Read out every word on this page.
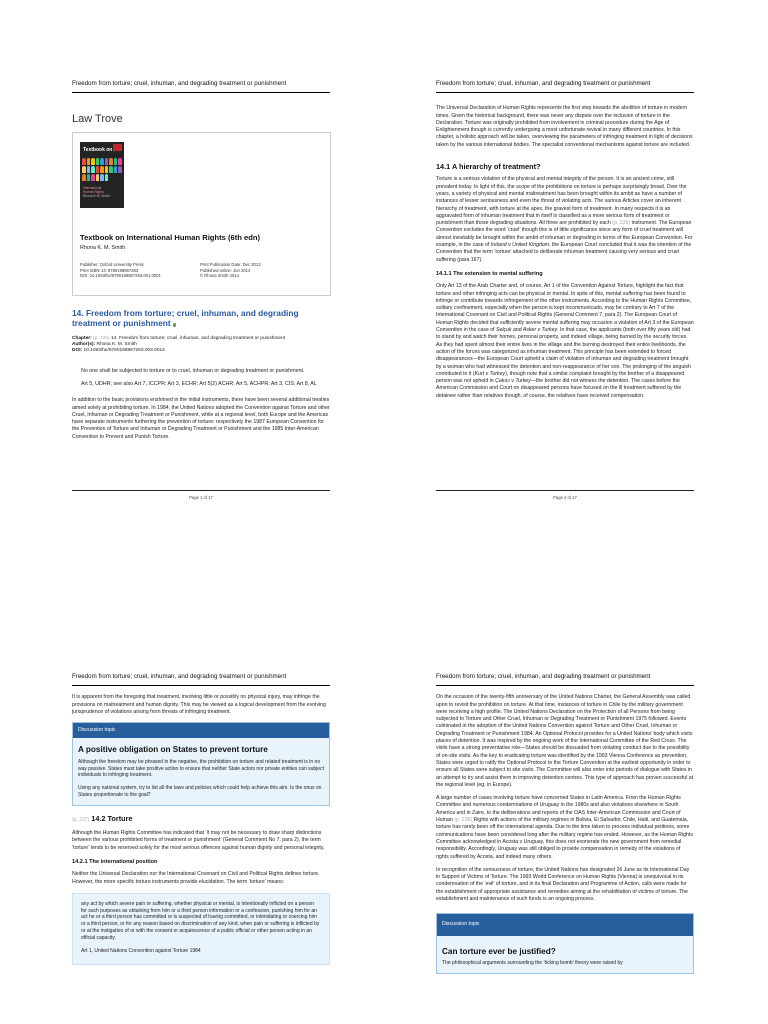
Freedom from torture; cruel, inhuman, and degrading treatment or punishment
Law Trove
Textbook on
International
Human Rights
Rhona K.M. Smith
Textbook on International Human Rights (6th edn)
Rhona K. M. Smith
Publisher: Oxford University Press
Print ISBN-13: 9780198867283
DOI: 10.1093/he/9780198867283.001.0001
Print Publication Date: Dec 2013
Published online: Jun 2014
© Rhona Smith 2014
14. Freedom from torture; cruel, inhuman, and degrading treatment or punishment
Chapter: (p. 235) 14. Freedom from torture; cruel, inhuman, and degrading treatment or punishment
Author(s): Rhona K. M. Smith
DOI: 10.1093/he/9780198867283.003.0014

No one shall be subjected to torture or to cruel, inhuman or degrading treatment or punishment.

Art 5, UDHR; see also Art 7, ICCPR; Art 3, ECHR; Art 5(2) ACHR; Art 5, ACHPR; Art 3, CIS; Art 8, AL

In addition to the basic provisions enshrined in the initial instruments, there have been several additional treaties aimed solely at prohibiting torture. In 1984, the United Nations adopted the Convention against Torture and other Cruel, Inhuman or Degrading Treatment or Punishment, while at a regional level, both Europe and the Americas have separate instruments furthering the prevention of torture: respectively the 1987 European Convention for the Prevention of Torture and Inhuman or Degrading Treatment or Punishment and the 1985 Inter-American Convention to Prevent and Punish Torture.

Page 1 of 17
Freedom from torture; cruel, inhuman, and degrading treatment or punishment

The Universal Declaration of Human Rights represents the first step towards the abolition of torture in modern times. Given the historical background, there was never any dispute over the inclusion of torture in the Declaration. Torture was originally prohibited from involvement in criminal procedure during the Age of Enlightenment though is currently undergoing a most unfortunate revival in many different countries. In this chapter, a holistic approach will be taken, overviewing the parameters of infringing treatment in light of decisions taken by the various international bodies. The specialist conventional mechanisms against torture are included.

14.1 A hierarchy of treatment?

Torture is a serious violation of the physical and mental integrity of the person. It is an ancient crime, still prevalent today. In light of this, the scope of the prohibitions on torture is perhaps surprisingly broad. Over the years, a variety of physical and mental maltreatment has been brought within its ambit as have a number of instances of lesser seriousness and even the threat of violating acts. The various Articles cover an inherent hierarchy of treatment, with torture at the apex, the gravest form of treatment. In many respects it is an aggravated form of inhuman treatment that in itself is classified as a more serious form of treatment or punishment than those degrading situations. All three are prohibited by each (p. 236) instrument. The European Convention excludes the word ‘cruel’ though this is of little significance since any form of cruel treatment will almost inevitably be brought within the ambit of inhuman or degrading in terms of the European Convention. For example, in the case of Ireland v United Kingdom, the European Court concluded that it was the intention of the Convention that the term ‘torture’ attached to deliberate inhuman treatment causing very serious and cruel suffering (para 167).

14.1.1 The extension to mental suffering

Only Art 13 of the Arab Charter and, of course, Art 1 of the Convention Against Torture, highlight the fact that torture and other infringing acts can be physical or mental. In spite of this, mental suffering has been found to infringe or contribute towards infringement of the other instruments. According to the Human Rights Committee, solitary confinement, especially when the person is kept incommunicado, may be contrary to Art 7 of the International Covenant on Civil and Political Rights (General Comment 7, para 2). The European Court of Human Rights decided that sufficiently severe mental suffering may occasion a violation of Art 3 of the European Convention in the case of Selçuk and Asker v Turkey. In that case, the applicants (both over fifty years old) had to stand by and watch their homes, personal property, and indeed village, being burned by the security forces. As they had spent almost their entire lives in the village and the burning destroyed their entire livelihoods, the action of the forces was categorized as inhuman treatment. This principle has been extended to forced disappearances—the European Court upheld a claim of violation of inhuman and degrading treatment brought by a woman who had witnessed the detention and non-reappearance of her son. The prolonging of the anguish contributed to it (Kurt v Turkey), though note that a similar complaint brought by the brother of a disappeared person was not upheld in Çakıcı v Turkey—the brother did not witness the detention. The cases before the American Commission and Court on disappeared persons have focused on the ill treatment suffered by the detainee rather than relatives though, of course, the relatives have received compensation.

Page 2 of 17
Freedom from torture; cruel, inhuman, and degrading treatment or punishment

It is apparent from the foregoing that treatment, involving little or possibly no physical injury, may infringe the provisions on maltreatment and human dignity. This may be viewed as a logical development from the evolving jurisprudence of violations arising from threats of infringing treatment.

Discussion topic
A positive obligation on States to prevent torture

Although the freedom may be phrased in the negative, the prohibition on torture and related treatment is in no way passive. States must take positive action to ensure that neither State actors nor private entities can subject individuals to infringing treatment.

Using any national system, try to list all the laws and policies which could help achieve this aim. Is the onus on States proportionate to the goal?

(p. 237) 14.2 Torture

Although the Human Rights Committee has indicated that ‘it may not be necessary to draw sharp distinctions between the various prohibited forms of treatment or punishment’ (General Comment No 7, para 2), the term ‘torture’ tends to be reserved solely for the most serious offences against human dignity and personal integrity.

14.2.1 The international position

Neither the Universal Declaration nor the International Covenant on Civil and Political Rights defines torture. However, the more specific torture instruments provide elucidation. The term ‘torture’ means:

any act by which severe pain or suffering, whether physical or mental, is intentionally inflicted on a person for such purposes as obtaining from him or a third person information or a confession, punishing him for an act he or a third person has committed or is suspected of having committed, or intimidating or coercing him or a third person, or for any reason based on discrimination of any kind, when pain or suffering is inflicted by or at the instigation of or with the consent or acquiescence of a public official or other person acting in an official capacity.

Art 1, United Nations Convention against Torture 1984

Freedom from torture; cruel, inhuman, and degrading treatment or punishment

On the occasion of the twenty-fifth anniversary of the United Nations Charter, the General Assembly was called upon to revisit the prohibition on torture. At that time, instances of torture in Chile by the military government were receiving a high profile. The United Nations Declaration on the Protection of all Persons from being subjected to Torture and Other Cruel, Inhuman or Degrading Treatment or Punishment 1975 followed. Events culminated in the adoption of the United Nations Convention against Torture and Other Cruel, Inhuman or Degrading Treatment or Punishment 1984. An Optional Protocol provides for a United Nations’ body which visits places of detention. It was inspired by the ongoing work of the International Committee of the Red Cross. The visits have a strong preventative role—States should be dissuaded from violating conduct due to the possibility of on-site visits. As the key to eradicating torture was identified by the 1993 Vienna Conference as prevention, States were urged to ratify the Optional Protocol to the Torture Convention at the earliest opportunity in order to ensure all States were subject to site visits. The Committee will also enter into periods of dialogue with States in an attempt to try and assist them in improving detention centres. This type of approach has proven successful at the regional level (eg, in Europe).

A large number of cases involving torture have concerned States in Latin America. From the Human Rights Committee and numerous condemnations of Uruguay in the 1980s and also violations elsewhere in South America and in Zaire, to the deliberations and reports of the OAS Inter-American Commission and Court of Human (p. 238) Rights with actions of the military regimes in Bolivia, El Salvador, Chile, Haiti, and Guatemala, torture has rarely been off the international agenda. Due to the time taken to process individual petitions, some communications have been considered long after the military regime has ended. However, as the Human Rights Committee acknowledged in Acosta v Uruguay, this does not exonerate the new government from remedial responsibility. Accordingly, Uruguay was still obliged to provide compensation in remedy of the violations of rights suffered by Acosta, and indeed many others.

In recognition of the seriousness of torture, the United Nations has designated 26 June as its International Day in Support of Victims of Torture. The 1993 World Conference on Human Rights (Vienna) is unequivocal in its condemnation of the ‘evil’ of torture, and in its final Declaration and Programme of Action, calls were made for the establishment of appropriate assistance and remedies aiming at the rehabilitation of victims of torture. The establishment and maintenance of such funds is an ongoing process.

Discussion topic
Can torture ever be justified?

The philosophical arguments surrounding the ‘ticking bomb’ theory were raised by
